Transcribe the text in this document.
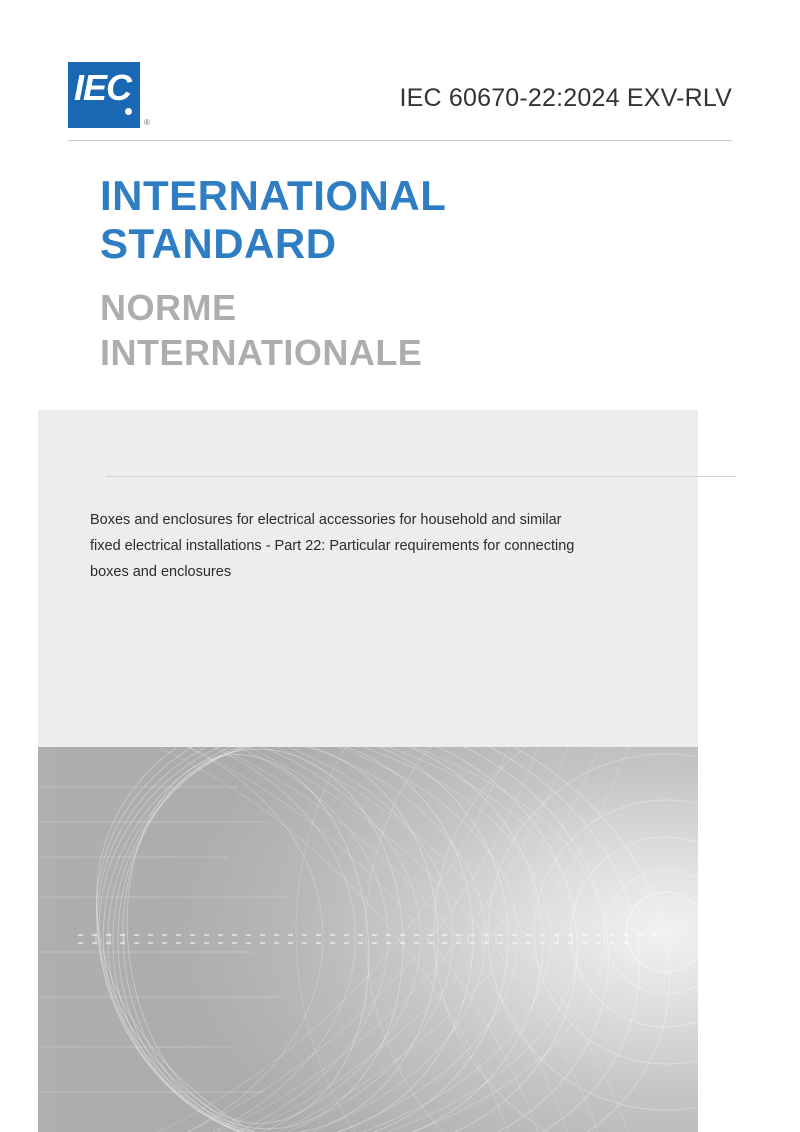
IEC
®
IEC 60670-22:2024 EXV-RLV
INTERNATIONAL
STANDARD
NORME
INTERNATIONALE
Boxes and enclosures for electrical accessories for household and similar fixed electrical installations - Part 22: Particular requirements for connecting boxes and enclosures
